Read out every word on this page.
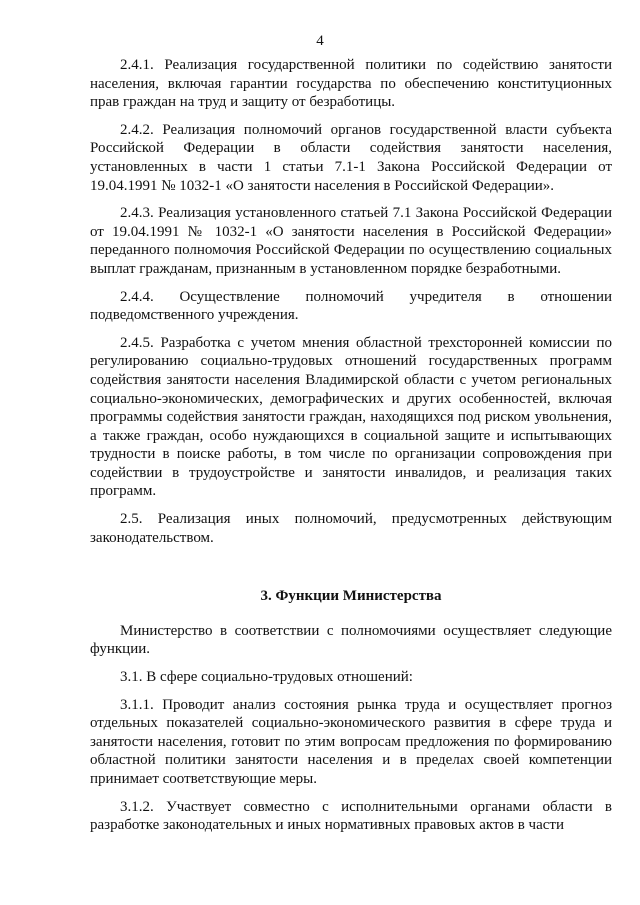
4

2.4.1. Реализация государственной политики по содействию занятости населения, включая гарантии государства по обеспечению конституционных прав граждан на труд и защиту от безработицы.

2.4.2. Реализация полномочий органов государственной власти субъекта Российской Федерации в области содействия занятости населения, установленных в части 1 статьи 7.1-1 Закона Российской Федерации от 19.04.1991 № 1032-1 «О занятости населения в Российской Федерации».

2.4.3. Реализация установленного статьей 7.1 Закона Российской Федерации от 19.04.1991 № 1032-1 «О занятости населения в Российской Федерации» переданного полномочия Российской Федерации по осуществлению социальных выплат гражданам, признанным в установленном порядке безработными.

2.4.4. Осуществление полномочий учредителя в отношении подведомственного учреждения.

2.4.5. Разработка с учетом мнения областной трехсторонней комиссии по регулированию социально-трудовых отношений государственных программ содействия занятости населения Владимирской области с учетом региональных социально-экономических, демографических и других особенностей, включая программы содействия занятости граждан, находящихся под риском увольнения, а также граждан, особо нуждающихся в социальной защите и испытывающих трудности в поиске работы, в том числе по организации сопровождения при содействии в трудоустройстве и занятости инвалидов, и реализация таких программ.

2.5. Реализация иных полномочий, предусмотренных действующим законодательством.

3. Функции Министерства

Министерство в соответствии с полномочиями осуществляет следующие функции.

3.1. В сфере социально-трудовых отношений:

3.1.1. Проводит анализ состояния рынка труда и осуществляет прогноз отдельных показателей социально-экономического развития в сфере труда и занятости населения, готовит по этим вопросам предложения по формированию областной политики занятости населения и в пределах своей компетенции принимает соответствующие меры.

3.1.2. Участвует совместно с исполнительными органами области в разработке законодательных и иных нормативных правовых актов в части
